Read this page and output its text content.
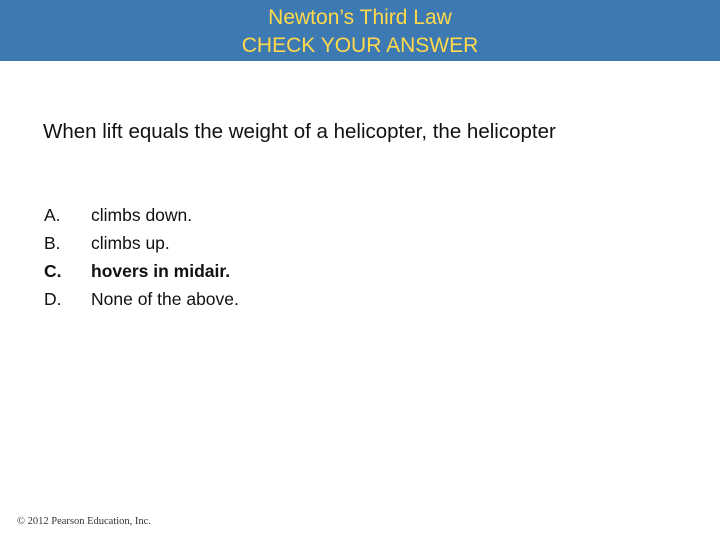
Newton’s Third Law
CHECK YOUR ANSWER
When lift equals the weight of a helicopter, the helicopter
A.	climbs down.
B.	climbs up.
C.	hovers in midair.
D.	None of the above.
© 2012 Pearson Education, Inc.
